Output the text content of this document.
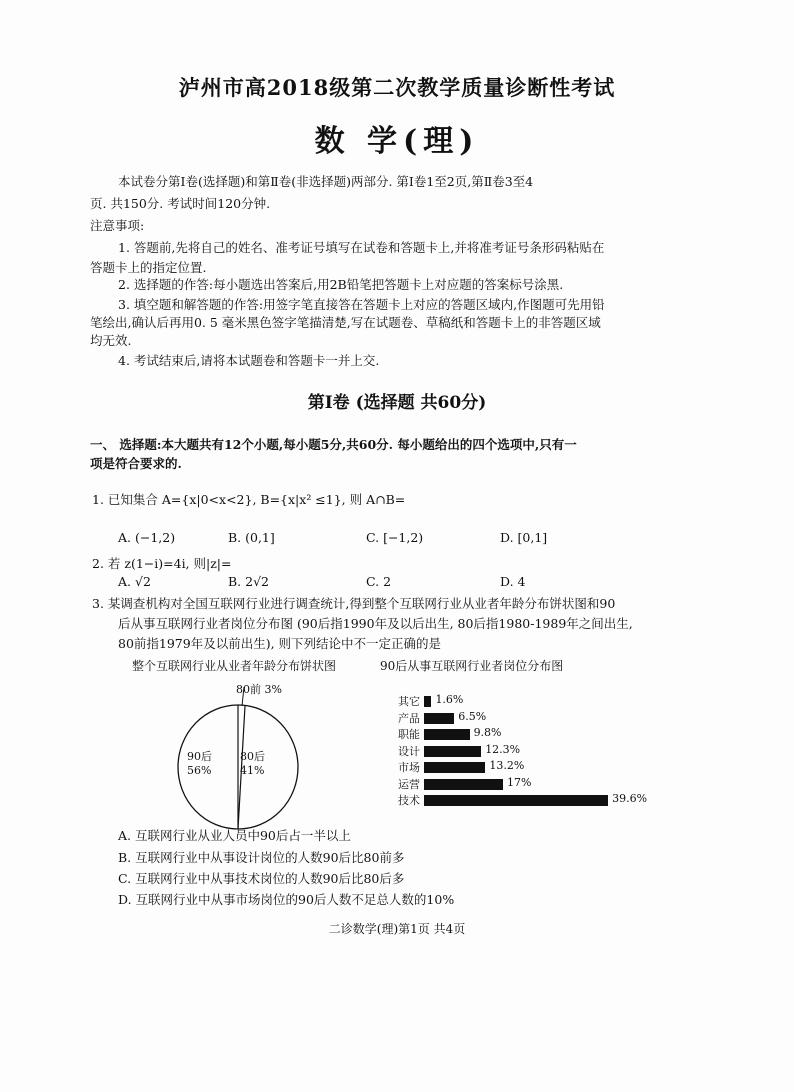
泸州市高2018级第二次教学质量诊断性考试
数 学(理)
本试卷分第Ⅰ卷(选择题)和第Ⅱ卷(非选择题)两部分. 第Ⅰ卷1至2页,第Ⅱ卷3至4
页. 共150分. 考试时间120分钟.
注意事项:
1. 答题前,先将自己的姓名、准考证号填写在试卷和答题卡上,并将准考证号条形码粘贴在
答题卡上的指定位置.
2. 选择题的作答:每小题选出答案后,用2B铅笔把答题卡上对应题的答案标号涂黑.
3. 填空题和解答题的作答:用签字笔直接答在答题卡上对应的答题区域内,作图题可先用铅
笔绘出,确认后再用0. 5 毫米黑色签字笔描清楚,写在试题卷、草稿纸和答题卡上的非答题区域
均无效.
4. 考试结束后,请将本试题卷和答题卡一并上交.
第Ⅰ卷 (选择题 共60分)
一、 选择题:本大题共有12个小题,每小题5分,共60分. 每小题给出的四个选项中,只有一
项是符合要求的.
1. 已知集合 A={x|0<x<2}, B={x|x² ≤1}, 则 A∩B=
A. (−1,2)	B. (0,1]	C. [−1,2)	D. [0,1]
2. 若 z(1−i)=4i, 则|z|=
A. √2	B. 2√2	C. 2	D. 4
3. 某调查机构对全国互联网行业进行调查统计,得到整个互联网行业从业者年龄分布饼状图和90
后从事互联网行业者岗位分布图 (90后指1990年及以后出生, 80后指1980-1989年之间出生,
80前指1979年及以前出生), 则下列结论中不一定正确的是
整个互联网行业从业者年龄分布饼状图	90后从事互联网行业者岗位分布图
80前 3%
90后
56%
80后
41%
其它 1.6%
产品	6.5%
职能	9.8%
设计	12.3%
市场	13.2%
运营	17%
技术	39.6%
A. 互联网行业从业人员中90后占一半以上
B. 互联网行业中从事设计岗位的人数90后比80前多
C. 互联网行业中从事技术岗位的人数90后比80后多
D. 互联网行业中从事市场岗位的90后人数不足总人数的10%
二诊数学(理)第1页 共4页
